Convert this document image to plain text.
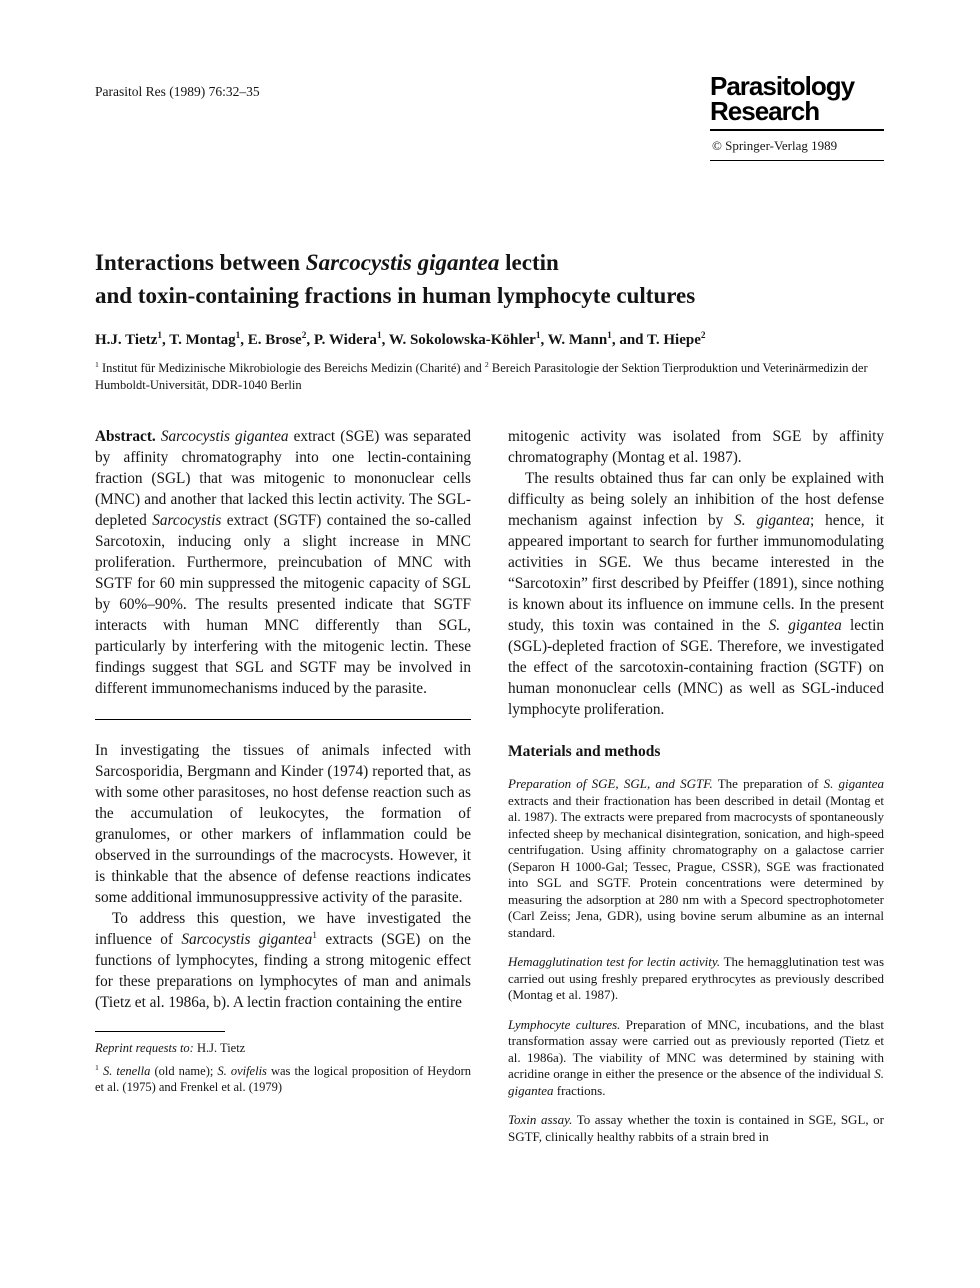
Parasitol Res (1989) 76:32–35	Parasitology
Research
© Springer-Verlag 1989
Interactions between Sarcocystis gigantea lectin
and toxin-containing fractions in human lymphocyte cultures
H.J. Tietz$^1$, T. Montag$^1$, E. Brose$^2$, P. Widera$^1$, W. Sokolowska-Köhler$^1$, W. Mann$^1$, and T. Hiepe$^2$
$^1$ Institut für Medizinische Mikrobiologie des Bereichs Medizin (Charité) and $^2$ Bereich Parasitologie der Sektion Tierproduktion und Veterinärmedizin der Humboldt-Universität, DDR-1040 Berlin

Abstract. Sarcocystis gigantea extract (SGE) was separated by affinity chromatography into one lectin-containing fraction (SGL) that was mitogenic to mononuclear cells (MNC) and another that lacked this lectin activity. The SGL-depleted Sarcocystis extract (SGTF) contained the so-called Sarcotoxin, inducing only a slight increase in MNC proliferation. Furthermore, preincubation of MNC with SGTF for 60 min suppressed the mitogenic capacity of SGL by 60%–90%. The results presented indicate that SGTF interacts with human MNC differently than SGL, particularly by interfering with the mitogenic lectin. These findings suggest that SGL and SGTF may be involved in different immunomechanisms induced by the parasite.

In investigating the tissues of animals infected with Sarcosporidia, Bergmann and Kinder (1974) reported that, as with some other parasitoses, no host defense reaction such as the accumulation of leukocytes, the formation of granulomes, or other markers of inflammation could be observed in the surroundings of the macrocysts. However, it is thinkable that the absence of defense reactions indicates some additional immunosuppressive activity of the parasite.

To address this question, we have investigated the influence of Sarcocystis gigantea$^1$ extracts (SGE) on the functions of lymphocytes, finding a strong mitogenic effect for these preparations on lymphocytes of man and animals (Tietz et al. 1986a, b). A lectin fraction containing the entire

Reprint requests to: H.J. Tietz

$^1$ S. tenella (old name); S. ovifelis was the logical proposition of Heydorn et al. (1975) and Frenkel et al. (1979)

mitogenic activity was isolated from SGE by affinity chromatography (Montag et al. 1987).

The results obtained thus far can only be explained with difficulty as being solely an inhibition of the host defense mechanism against infection by S. gigantea; hence, it appeared important to search for further immunomodulating activities in SGE. We thus became interested in the “Sarcotoxin” first described by Pfeiffer (1891), since nothing is known about its influence on immune cells. In the present study, this toxin was contained in the S. gigantea lectin (SGL)-depleted fraction of SGE. Therefore, we investigated the effect of the sarcotoxin-containing fraction (SGTF) on human mononuclear cells (MNC) as well as SGL-induced lymphocyte proliferation.

Materials and methods

Preparation of SGE, SGL, and SGTF. The preparation of S. gigantea extracts and their fractionation has been described in detail (Montag et al. 1987). The extracts were prepared from macrocysts of spontaneously infected sheep by mechanical disintegration, sonication, and high-speed centrifugation. Using affinity chromatography on a galactose carrier (Separon H 1000-Gal; Tessec, Prague, CSSR), SGE was fractionated into SGL and SGTF. Protein concentrations were determined by measuring the adsorption at 280 nm with a Specord spectrophotometer (Carl Zeiss; Jena, GDR), using bovine serum albumine as an internal standard.

Hemagglutination test for lectin activity. The hemagglutination test was carried out using freshly prepared erythrocytes as previously described (Montag et al. 1987).

Lymphocyte cultures. Preparation of MNC, incubations, and the blast transformation assay were carried out as previously reported (Tietz et al. 1986a). The viability of MNC was determined by staining with acridine orange in either the presence or the absence of the individual S. gigantea fractions.

Toxin assay. To assay whether the toxin is contained in SGE, SGL, or SGTF, clinically healthy rabbits of a strain bred in
